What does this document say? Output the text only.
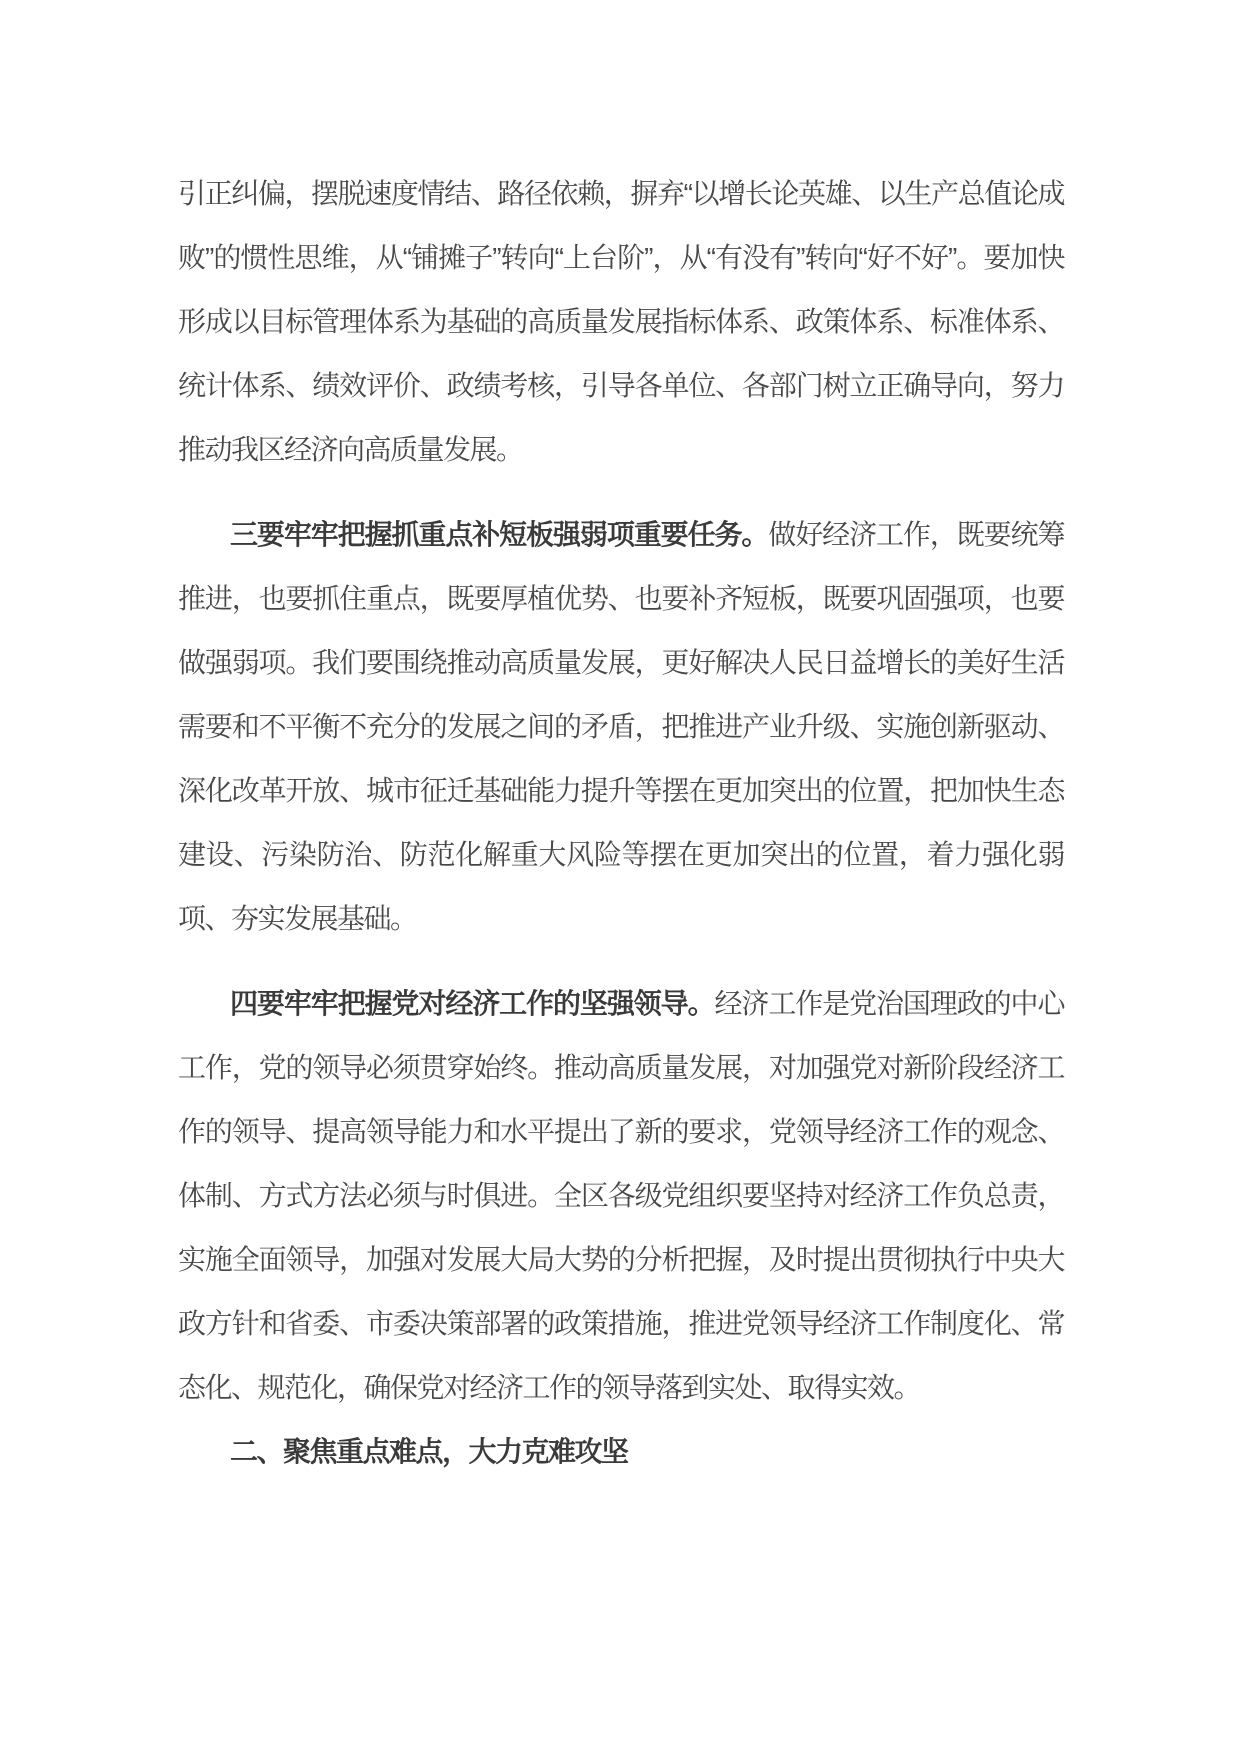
引正纠偏，摆脱速度情结、路径依赖，摒弃“以增长论英雄、以生产总值论成败”的惯性思维，从“铺摊子”转向“上台阶”，从“有没有”转向“好不好”。要加快形成以目标管理体系为基础的高质量发展指标体系、政策体系、标准体系、统计体系、绩效评价、政绩考核，引导各单位、各部门树立正确导向，努力推动我区经济向高质量发展。

三要牢牢把握抓重点补短板强弱项重要任务。做好经济工作，既要统筹推进，也要抓住重点，既要厚植优势、也要补齐短板，既要巩固强项，也要做强弱项。我们要围绕推动高质量发展，更好解决人民日益增长的美好生活需要和不平衡不充分的发展之间的矛盾，把推进产业升级、实施创新驱动、深化改革开放、城市征迁基础能力提升等摆在更加突出的位置，把加快生态建设、污染防治、防范化解重大风险等摆在更加突出的位置，着力强化弱项、夯实发展基础。

四要牢牢把握党对经济工作的坚强领导。经济工作是党治国理政的中心工作，党的领导必须贯穿始终。推动高质量发展，对加强党对新阶段经济工作的领导、提高领导能力和水平提出了新的要求，党领导经济工作的观念、体制、方式方法必须与时俱进。全区各级党组织要坚持对经济工作负总责，实施全面领导，加强对发展大局大势的分析把握，及时提出贯彻执行中央大政方针和省委、市委决策部署的政策措施，推进党领导经济工作制度化、常态化、规范化，确保党对经济工作的领导落到实处、取得实效。

二、聚焦重点难点，大力克难攻坚
